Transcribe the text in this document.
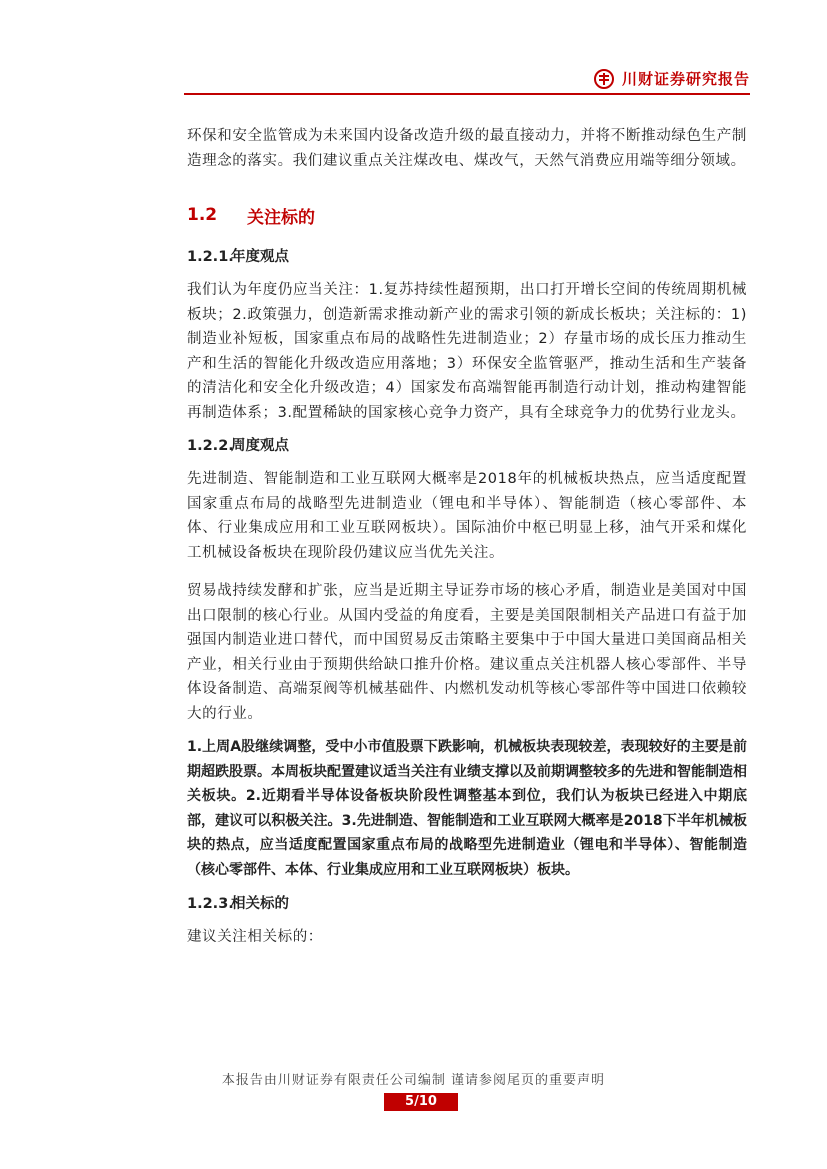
川财证券研究报告

环保和安全监管成为未来国内设备改造升级的最直接动力，并将不断推动绿色生产制造理念的落实。我们建议重点关注煤改电、煤改气，天然气消费应用端等细分领域。

1.2	关注标的
1.2.1.
年度观点

我们认为年度仍应当关注：1.复苏持续性超预期，出口打开增长空间的传统周期机械板块；2.政策强力，创造新需求推动新产业的需求引领的新成长板块；关注标的：1)制造业补短板，国家重点布局的战略性先进制造业；2）存量市场的成长压力推动生产和生活的智能化升级改造应用落地；3）环保安全监管驱严，推动生活和生产装备的清洁化和安全化升级改造；4）国家发布高端智能再制造行动计划，推动构建智能再制造体系；3.配置稀缺的国家核心竞争力资产，具有全球竞争力的优势行业龙头。

1.2.2.
周度观点

先进制造、智能制造和工业互联网大概率是2018年的机械板块热点，应当适度配置国家重点布局的战略型先进制造业（锂电和半导体）、智能制造（核心零部件、本体、行业集成应用和工业互联网板块）。国际油价中枢已明显上移，油气开采和煤化工机械设备板块在现阶段仍建议应当优先关注。

贸易战持续发酵和扩张，应当是近期主导证券市场的核心矛盾，制造业是美国对中国出口限制的核心行业。从国内受益的角度看，主要是美国限制相关产品进口有益于加强国内制造业进口替代，而中国贸易反击策略主要集中于中国大量进口美国商品相关产业，相关行业由于预期供给缺口推升价格。建议重点关注机器人核心零部件、半导体设备制造、高端泵阀等机械基础件、内燃机发动机等核心零部件等中国进口依赖较大的行业。

1.上周A股继续调整，受中小市值股票下跌影响，机械板块表现较差，表现较好的主要是前期超跌股票。本周板块配置建议适当关注有业绩支撑以及前期调整较多的先进和智能制造相关板块。2.近期看半导体设备板块阶段性调整基本到位，我们认为板块已经进入中期底部，建议可以积极关注。3.先进制造、智能制造和工业互联网大概率是2018下半年机械板块的热点，应当适度配置国家重点布局的战略型先进制造业（锂电和半导体）、智能制造（核心零部件、本体、行业集成应用和工业互联网板块）板块。

1.2.3.
相关标的

建议关注相关标的：

本报告由川财证券有限责任公司编制 谨请参阅尾页的重要声明
5/10
